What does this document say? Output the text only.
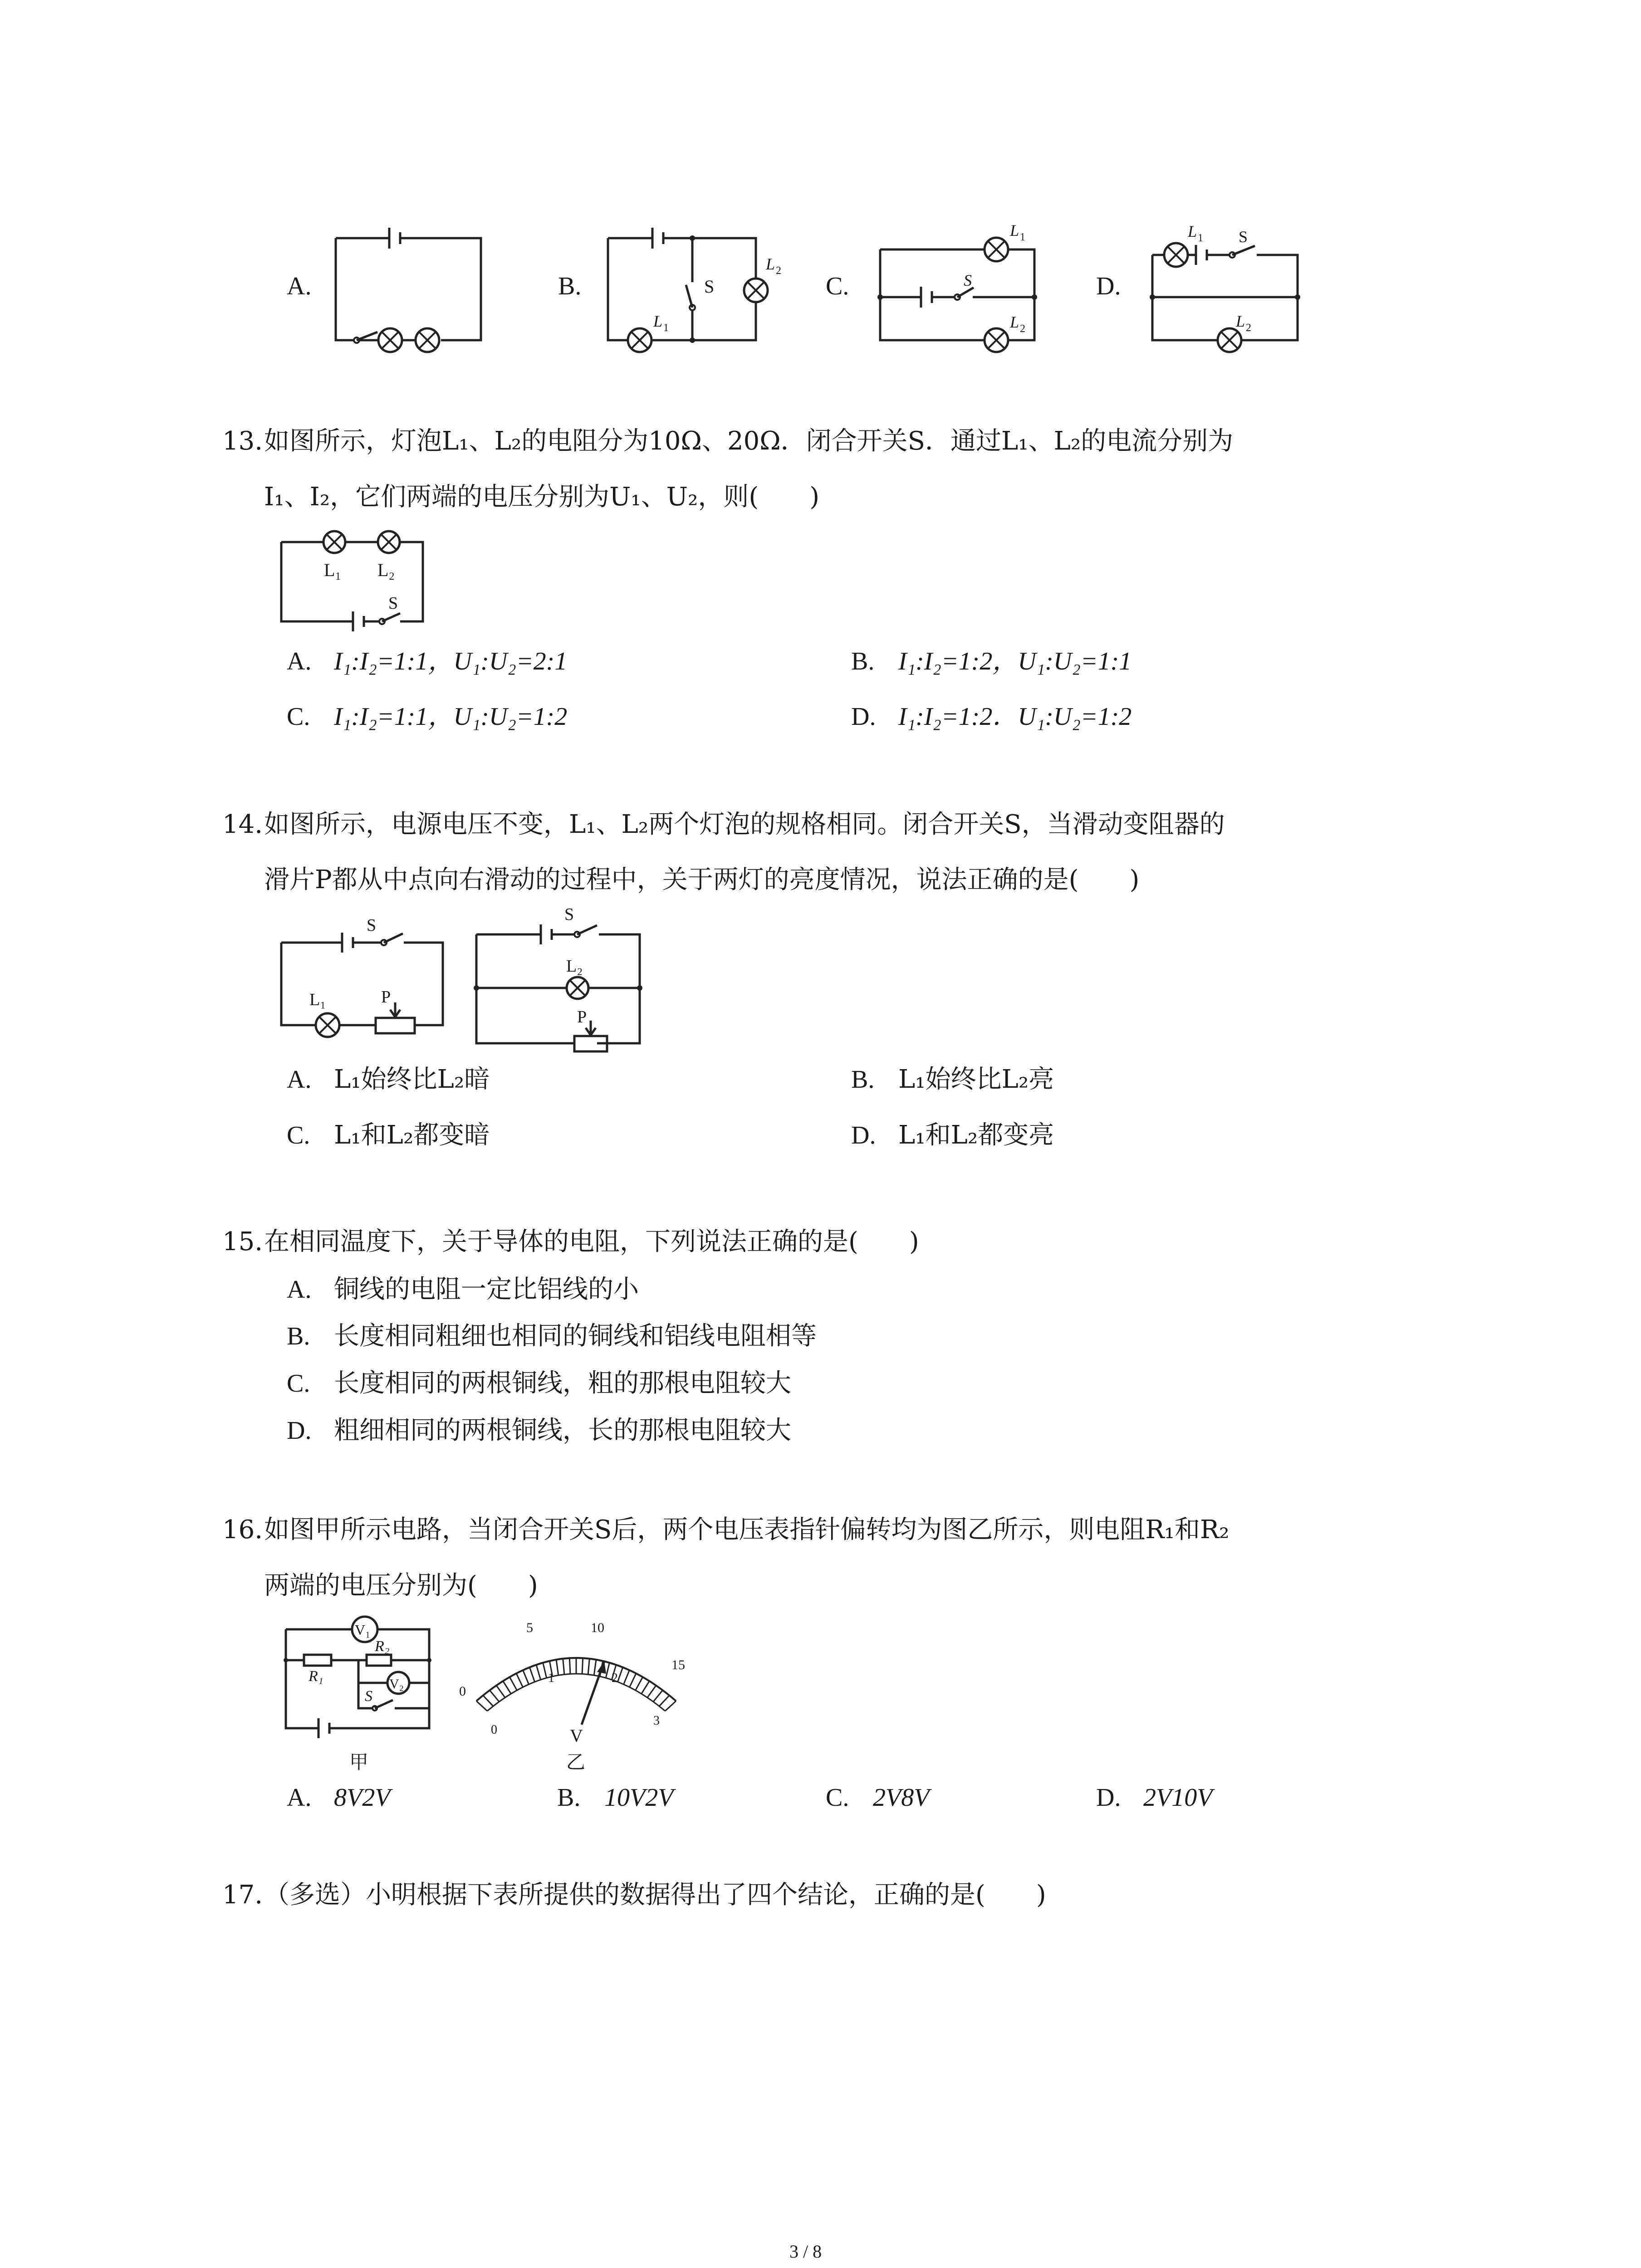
A.	B.	C.	D.
S
L 2
L 1
S
L 1
L 2
S
L 1
L 2
13. 如图所示，灯泡L₁、L₂的电阻分为10Ω、20Ω．闭合开关S．通过L₁、L₂的电流分别为
I₁、I₂，它们两端的电压分别为U₁、U₂，则(　　)
S
L₁ L₂
A. I₁:I₂=1:1，U₁:U₂=2:1	B. I₁:I₂=1:2，U₁:U₂=1:1
C. I₁:I₂=1:1，U₁:U₂=1:2	D. I₁:I₂=1:2．U₁:U₂=1:2
14. 如图所示，电源电压不变，L₁、L₂两个灯泡的规格相同。闭合开关S，当滑动变阻器的
滑片P都从中点向右滑动的过程中，关于两灯的亮度情况，说法正确的是(　　)
S
L₁	P
S
L₂
P
A. L₁始终比L₂暗	B. L₁始终比L₂亮
C. L₁和L₂都变暗	D. L₁和L₂都变亮
15. 在相同温度下，关于导体的电阻，下列说法正确的是(　　)
A. 铜线的电阻一定比铝线的小
B. 长度相同粗细也相同的铜线和铝线电阻相等
C. 长度相同的两根铜线，粗的那根电阻较大
D. 粗细相同的两根铜线，长的那根电阻较大
16. 如图甲所示电路，当闭合开关S后，两个电压表指针偏转均为图乙所示，则电阻R₁和R₂
两端的电压分别为(　　)
V₁
V₂
R₁
R₂
S
甲
0
5	10
15
0
1	2
3
V
乙
A. 8V2V	B. 10V2V	C. 2V8V	D. 2V10V
17. （多选）小明根据下表所提供的数据得出了四个结论，正确的是(　　)
3 / 8
